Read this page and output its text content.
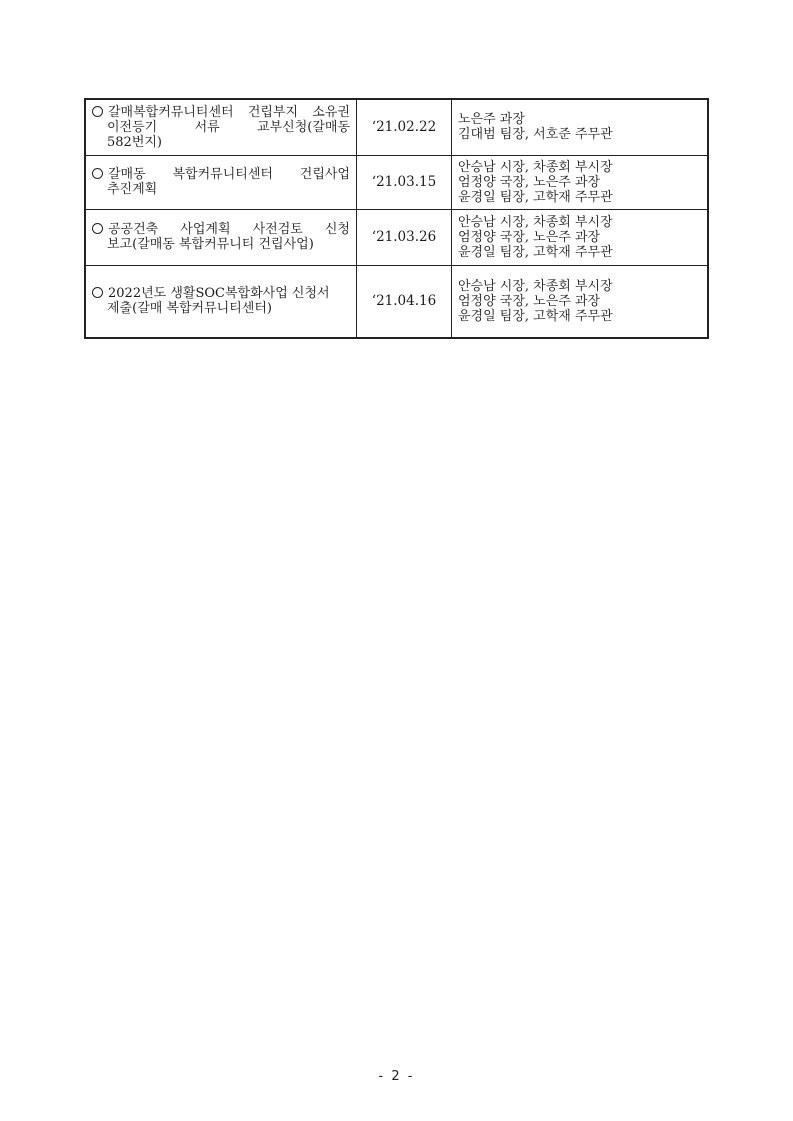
갈매복합커뮤니티센터 건립부지 소유권
이전등기 서류 교부신청(갈매동
582번지)	‘21.02.22	노은주 과장
김대범 팀장, 서호준 주무관

갈매동 복합커뮤니티센터 건립사업
추진계획	‘21.03.15	안승남 시장, 차종회 부시장
엄정양 국장, 노은주 과장
윤경일 팀장, 고학재 주무관

공공건축 사업계획 사전검토 신청
보고(갈매동 복합커뮤니티 건립사업)	‘21.03.26	안승남 시장, 차종회 부시장
엄정양 국장, 노은주 과장
윤경일 팀장, 고학재 주무관

2022년도 생활SOC복합화사업 신청서
제출(갈매 복합커뮤니티센터)	‘21.04.16	안승남 시장, 차종회 부시장
엄정양 국장, 노은주 과장
윤경일 팀장, 고학재 주무관
- 2 -
